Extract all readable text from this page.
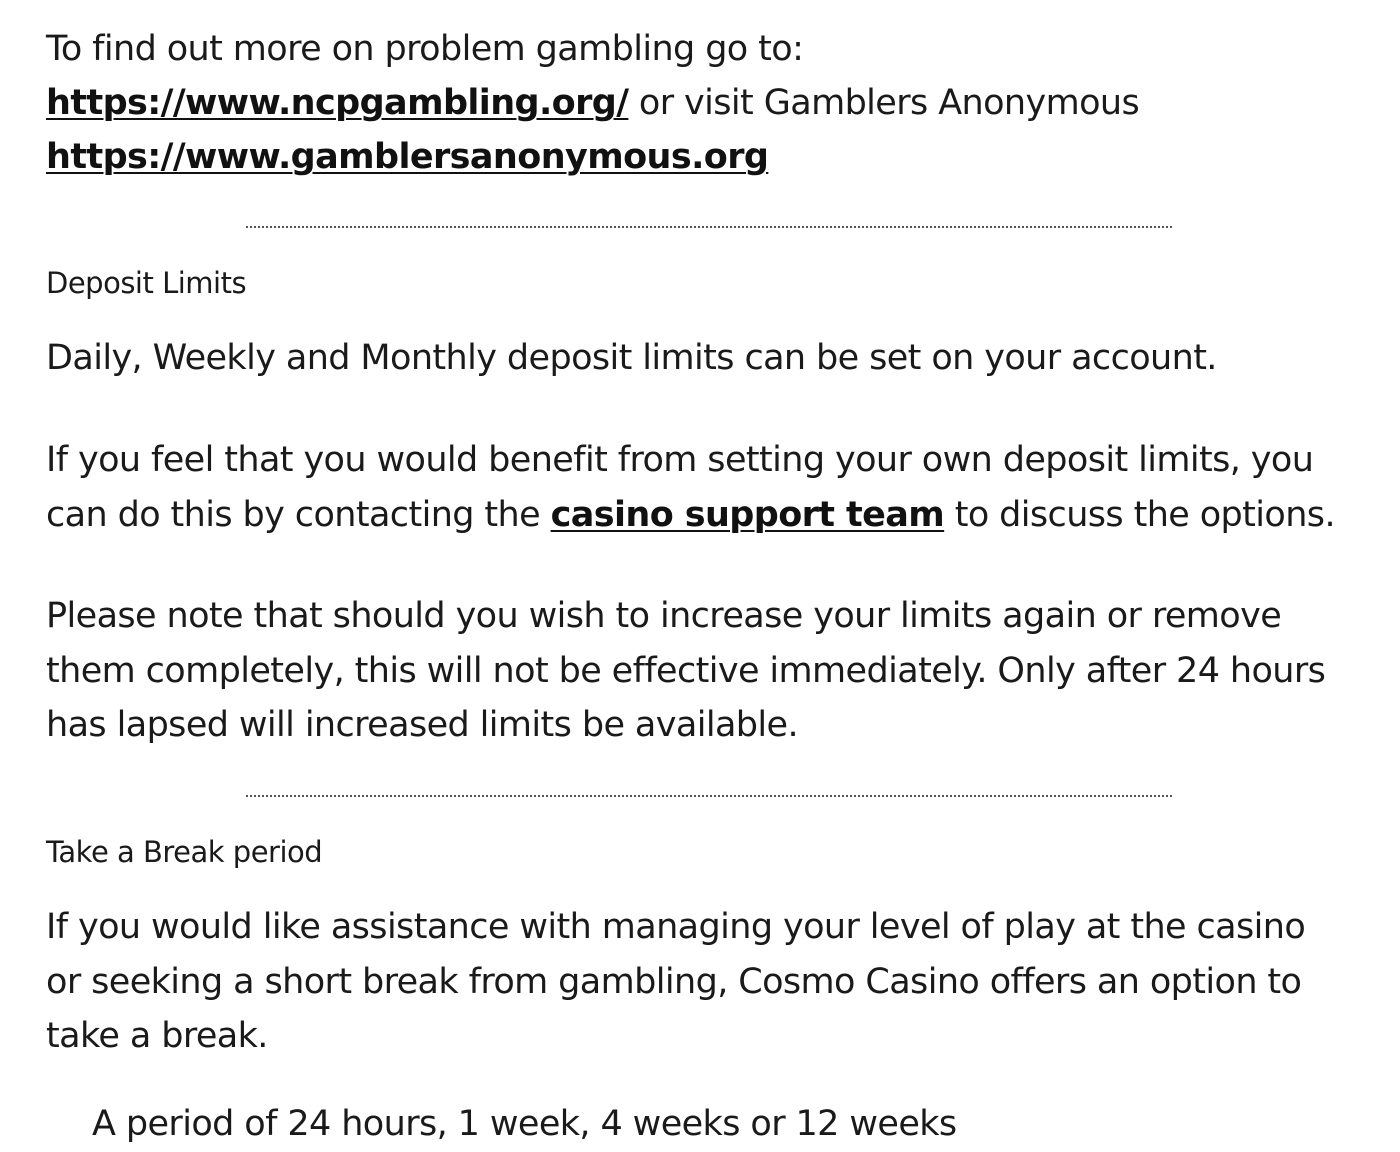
To find out more on problem gambling go to:
https://www.ncpgambling.org/ or visit Gamblers Anonymous
https://www.gamblersanonymous.org
Deposit Limits

Daily, Weekly and Monthly deposit limits can be set on your account.

If you feel that you would benefit from setting your own deposit limits, you
can do this by contacting the casino support team to discuss the options.

Please note that should you wish to increase your limits again or remove
them completely, this will not be effective immediately. Only after 24 hours
has lapsed will increased limits be available.

Take a Break period

If you would like assistance with managing your level of play at the casino
or seeking a short break from gambling, Cosmo Casino offers an option to
take a break.

A period of 24 hours, 1 week, 4 weeks or 12 weeks
